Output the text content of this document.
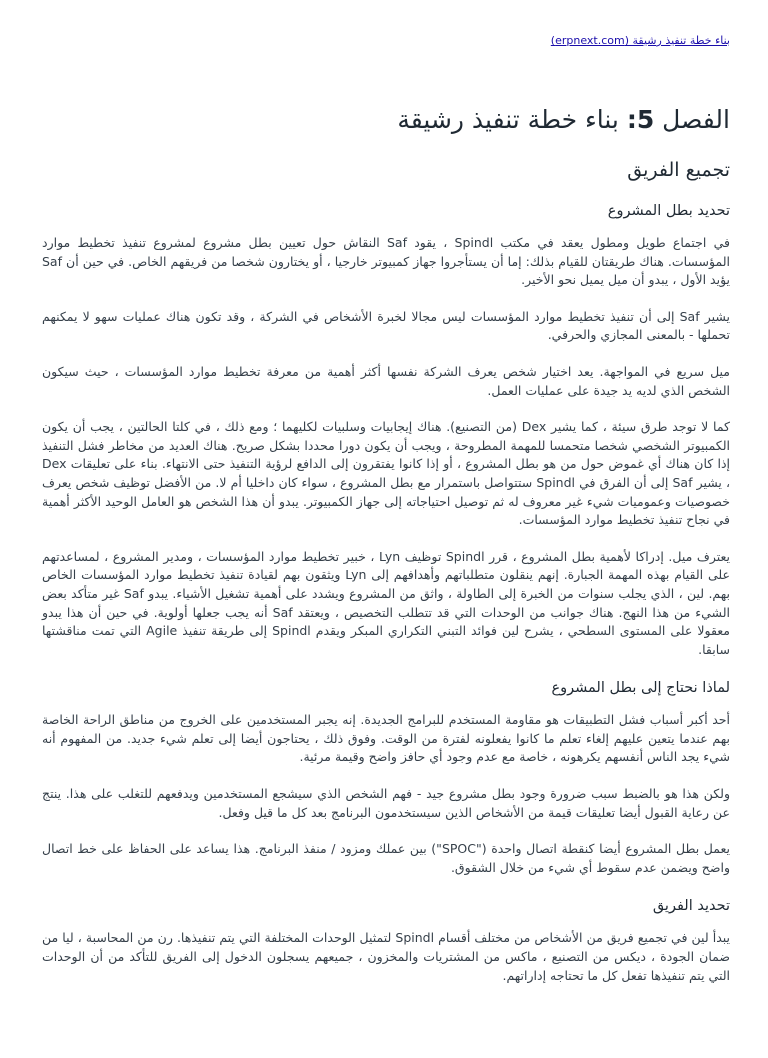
بناء خطة تنفيذ رشيقة (erpnext.com)
الفصل 5: بناء خطة تنفيذ رشيقة
تجميع الفريق
تحديد بطل المشروع

في اجتماع طويل ومطول يعقد في مكتب Spindl ، يقود Saf النقاش حول تعيين بطل مشروع لمشروع تنفيذ تخطيط موارد المؤسسات. هناك طريقتان للقيام بذلك: إما أن يستأجروا جهاز كمبيوتر خارجيا ، أو يختارون شخصا من فريقهم الخاص. في حين أن Saf يؤيد الأول ، يبدو أن ميل يميل نحو الأخير.

يشير Saf إلى أن تنفيذ تخطيط موارد المؤسسات ليس مجالا لخبرة الأشخاص في الشركة ، وقد تكون هناك عمليات سهو لا يمكنهم تحملها - بالمعنى المجازي والحرفي.

ميل سريع في المواجهة. يعد اختيار شخص يعرف الشركة نفسها أكثر أهمية من معرفة تخطيط موارد المؤسسات ، حيث سيكون الشخص الذي لديه يد جيدة على عمليات العمل.

كما لا توجد طرق سيئة ، كما يشير Dex (من التصنيع). هناك إيجابيات وسلبيات لكليهما ؛ ومع ذلك ، في كلتا الحالتين ، يجب أن يكون الكمبيوتر الشخصي شخصا متحمسا للمهمة المطروحة ، ويجب أن يكون دورا محددا بشكل صريح. هناك العديد من مخاطر فشل التنفيذ إذا كان هناك أي غموض حول من هو بطل المشروع ، أو إذا كانوا يفتقرون إلى الدافع لرؤية التنفيذ حتى الانتهاء. بناء على تعليقات Dex ، يشير Saf إلى أن الفرق في Spindl ستتواصل باستمرار مع بطل المشروع ، سواء كان داخليا أم لا. من الأفضل توظيف شخص يعرف خصوصيات وعموميات شيء غير معروف له ثم توصيل احتياجاته إلى جهاز الكمبيوتر. يبدو أن هذا الشخص هو العامل الوحيد الأكثر أهمية في نجاح تنفيذ تخطيط موارد المؤسسات.

يعترف ميل. إدراكا لأهمية بطل المشروع ، قرر Spindl توظيف Lyn ، خبير تخطيط موارد المؤسسات ، ومدير المشروع ، لمساعدتهم على القيام بهذه المهمة الجبارة. إنهم ينقلون متطلباتهم وأهدافهم إلى Lyn ويثقون بهم لقيادة تنفيذ تخطيط موارد المؤسسات الخاص بهم. لين ، الذي يجلب سنوات من الخبرة إلى الطاولة ، واثق من المشروع ويشدد على أهمية تشغيل الأشياء. يبدو Saf غير متأكد بعض الشيء من هذا النهج. هناك جوانب من الوحدات التي قد تتطلب التخصيص ، ويعتقد Saf أنه يجب جعلها أولوية. في حين أن هذا يبدو معقولا على المستوى السطحي ، يشرح لين فوائد التبني التكراري المبكر ويقدم Spindl إلى طريقة تنفيذ Agile التي تمت مناقشتها سابقا.

لماذا نحتاج إلى بطل المشروع

أحد أكبر أسباب فشل التطبيقات هو مقاومة المستخدم للبرامج الجديدة. إنه يجبر المستخدمين على الخروج من مناطق الراحة الخاصة بهم عندما يتعين عليهم إلغاء تعلم ما كانوا يفعلونه لفترة من الوقت. وفوق ذلك ، يحتاجون أيضا إلى تعلم شيء جديد. من المفهوم أنه شيء يجد الناس أنفسهم يكرهونه ، خاصة مع عدم وجود أي حافز واضح وقيمة مرئية.

ولكن هذا هو بالضبط سبب ضرورة وجود بطل مشروع جيد - فهم الشخص الذي سيشجع المستخدمين ويدفعهم للتغلب على هذا. ينتج عن رعاية القبول أيضا تعليقات قيمة من الأشخاص الذين سيستخدمون البرنامج بعد كل ما قيل وفعل.

يعمل بطل المشروع أيضا كنقطة اتصال واحدة ("SPOC") بين عملك ومزود / منفذ البرنامج. هذا يساعد على الحفاظ على خط اتصال واضح ويضمن عدم سقوط أي شيء من خلال الشقوق.

تحديد الفريق

يبدأ لين في تجميع فريق من الأشخاص من مختلف أقسام Spindl لتمثيل الوحدات المختلفة التي يتم تنفيذها. رن من المحاسبة ، ليا من ضمان الجودة ، ديكس من التصنيع ، ماكس من المشتريات والمخزون ، جميعهم يسجلون الدخول إلى الفريق للتأكد من أن الوحدات التي يتم تنفيذها تفعل كل ما تحتاجه إداراتهم.
